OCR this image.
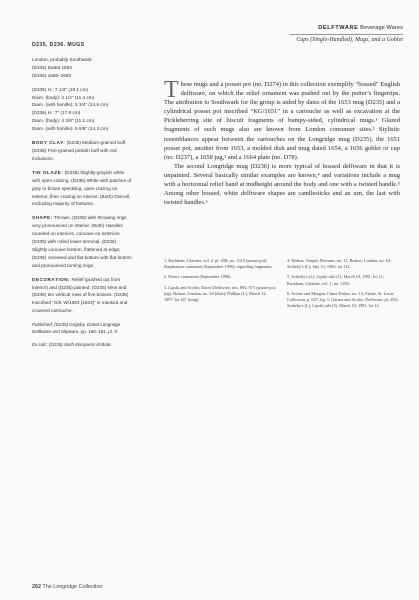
DELFTWARE Beverage Wares
Cups (Single-Handled), Mugs, and a Goblet
D235, D236. MUGS
London, probably Southwark
(D235) Dated 1653
(D236) 1650–1660
(D235) H.: 7 1/2" (19.1 cm)
Diam. (body): 4 1/2" (11.4 cm)
Diam. (with handle): 5 3/4" (14.6 cm)
(D236) H.: 7" (17.8 cm)
Diam. (body): 4 3/8" (11.1 cm)
Diam. (with handle): 5 5/8" (14.3 cm)
BODY CLAY: (D235) Medium-grained buff. (D236) Fine-grained pinkish buff with red inclusions.
TIN GLAZE: (D235) Slightly-grayish white with open crazing. (D236) White with patches of gray to brown speckling, open crazing on exterior, finer crazing on interior. (Both) Overall, excluding majority of bottoms.
SHAPE: Thrown. (D236) with throwing rings very pronounced on interior. (Both) Handles rounded on interiors, concave on exteriors. (D235) with rolled lower terminal. (D236) Slightly concave bottom, flattened at edge; (D236) recessed and flat bottom with flat footrim and pronounced turning rings.
DECORATION: Relief (pushed out from interior) and (D235) painted. (D235) Nine and (D236) ten vertical rows of five bosses. (D235) Inscribed "G/K W/1653 [1653]" in masked and crowned cartouche.
Published: (D235) Grigsby, Dated Longridge Delftware and Slipware, pp. 180–181, pl. 9.
Ex coll.: (D235) Sixth Marquess of Bute.

These mugs and a posset pot (no. D274) in this collection exemplify “bossed” English delftware, on which the relief ornament was pushed out by the potter’s fingertips. The attribution to Southwark for the group is aided by dates of the 1653 mug (D235) and a cylindrical posset pot inscribed “KG/1651” in a cartouche as well as excavation at the Pickleherring site of biscuit fragments of bumpy-sided, cylindrical mugs.¹ Glazed fragments of such mugs also are known from London consumer sites.² Stylistic resemblances appear between the cartouches on the Longridge mug (D235), the 1651 posset pot, another from 1653, a molded dish and mug dated 1654, a 1656 goblet or cup (no. D237), a 1658 jug,³ and a 1664 plate (no. D78).

The second Longridge mug (D236) is more typical of bossed delftware in that it is unpainted. Several basically similar examples are known,⁴ and variations include a mug with a horizontal relief band at midheight around the body and one with a twisted handle.⁵ Among other bossed, white delftware shapes are candlesticks and an urn, the last with twisted handles.⁶

1. Rackham, Glaisher, vol. 2, pl. 65B, no. 1319 (posset pot); Stephenson comments (September 1996), regarding fragments.
2. Pearce comments (September 1996).
3. Lipski and Archer, Dated Delftware, nos. 892, 971 (posset pot, jug); Britton, London, no. 64 (dish); Phillips (L), March 12, 1997, lot 247 (mug).
4. Walton, Temple Newsam, no. 11; Britton, London, no. 63; Sotheby's (L), July 12, 1983, lot 112.
5. Sotheby's (L), Lipski sale (1), March 10, 1981, lot 11; Rackham, Glaisher, vol. 1, no. 1283.
6. Archer and Morgan, China Dishes, no. 13; Fisher, St. Louis Collection, p. 627, fig. 1; Garner and Archer, Delftware, pl. 29A; Sotheby's (L), Lipski sale (3), March 10, 1981, lot 12.
262 The Longridge Collection
